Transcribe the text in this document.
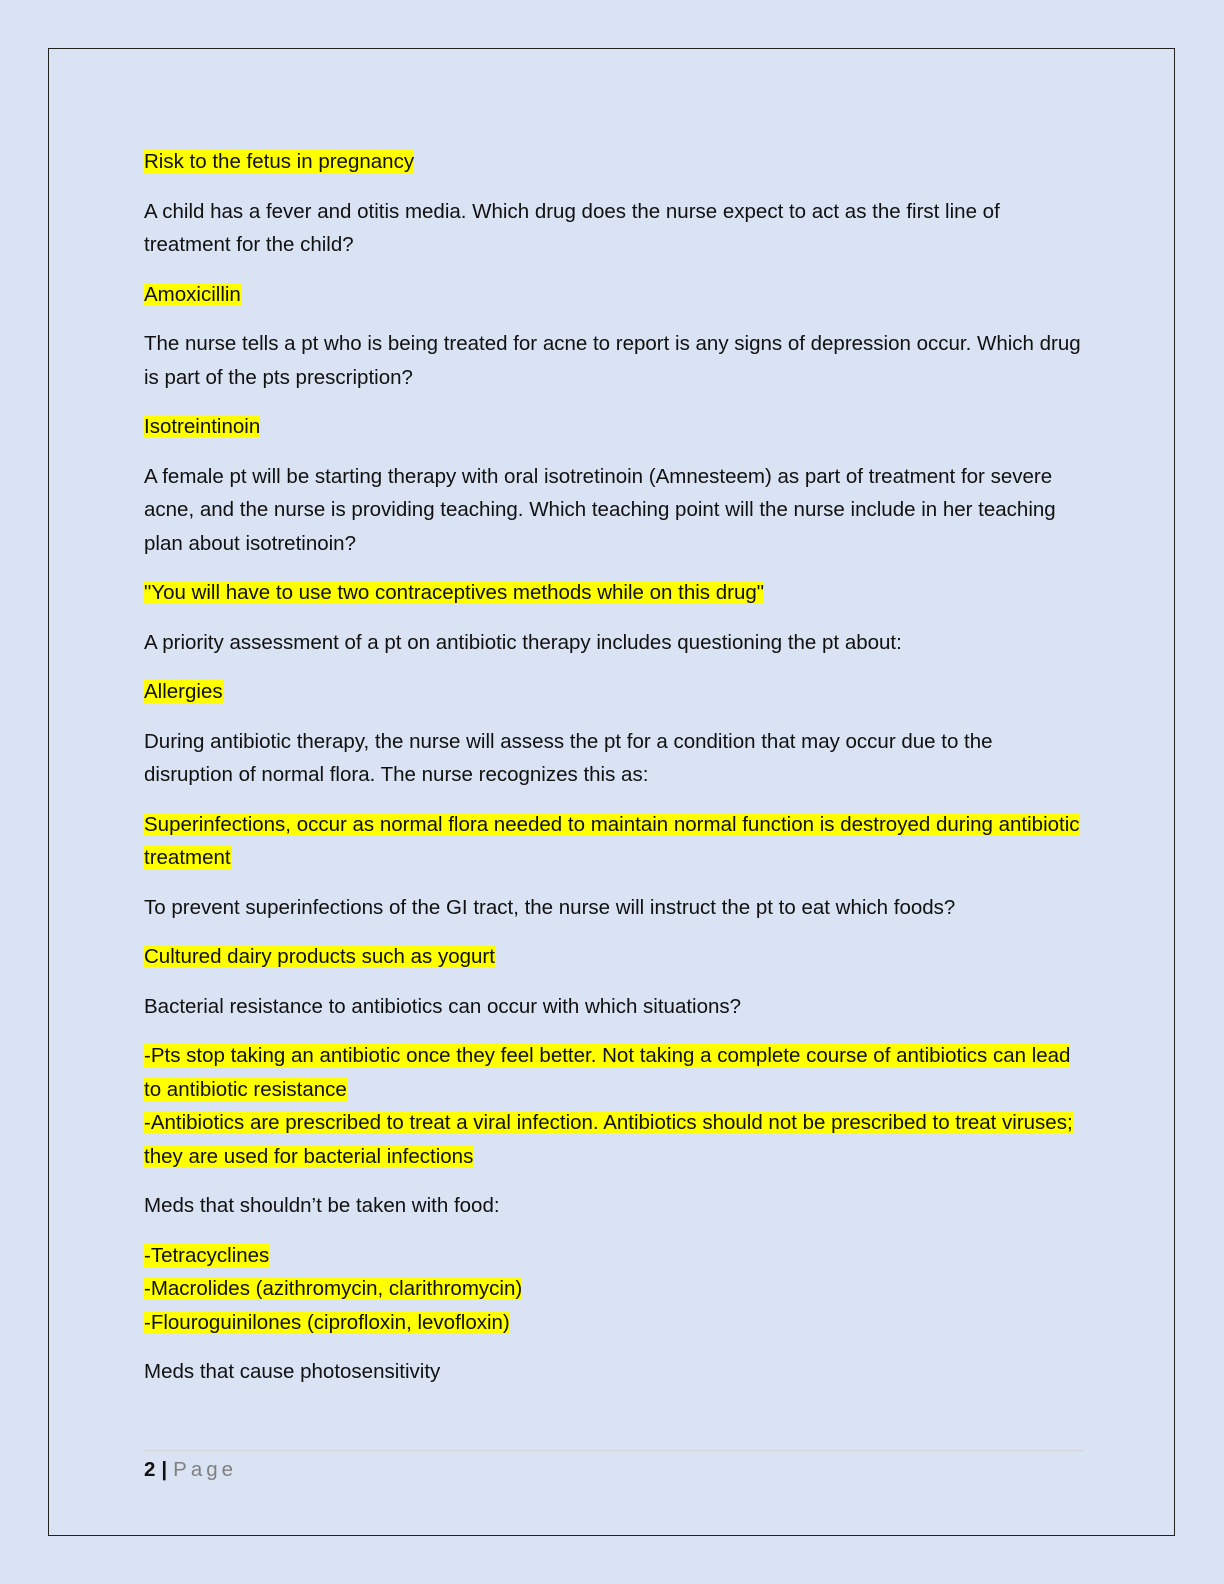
Risk to the fetus in pregnancy

A child has a fever and otitis media. Which drug does the nurse expect to act as the first line of treatment for the child?

Amoxicillin

The nurse tells a pt who is being treated for acne to report is any signs of depression occur. Which drug is part of the pts prescription?

Isotreintinoin

A female pt will be starting therapy with oral isotretinoin (Amnesteem) as part of treatment for severe acne, and the nurse is providing teaching. Which teaching point will the nurse include in her teaching plan about isotretinoin?

"You will have to use two contraceptives methods while on this drug"

A priority assessment of a pt on antibiotic therapy includes questioning the pt about:

Allergies

During antibiotic therapy, the nurse will assess the pt for a condition that may occur due to the disruption of normal flora. The nurse recognizes this as:

Superinfections, occur as normal flora needed to maintain normal function is destroyed during antibiotic treatment

To prevent superinfections of the GI tract, the nurse will instruct the pt to eat which foods?

Cultured dairy products such as yogurt

Bacterial resistance to antibiotics can occur with which situations?

-Pts stop taking an antibiotic once they feel better. Not taking a complete course of antibiotics can lead to antibiotic resistance
-Antibiotics are prescribed to treat a viral infection. Antibiotics should not be prescribed to treat viruses; they are used for bacterial infections

Meds that shouldn’t be taken with food:

-Tetracyclines
-Macrolides (azithromycin, clarithromycin)
-Flouroguinilones (ciprofloxin, levofloxin)

Meds that cause photosensitivity

2 | Page
